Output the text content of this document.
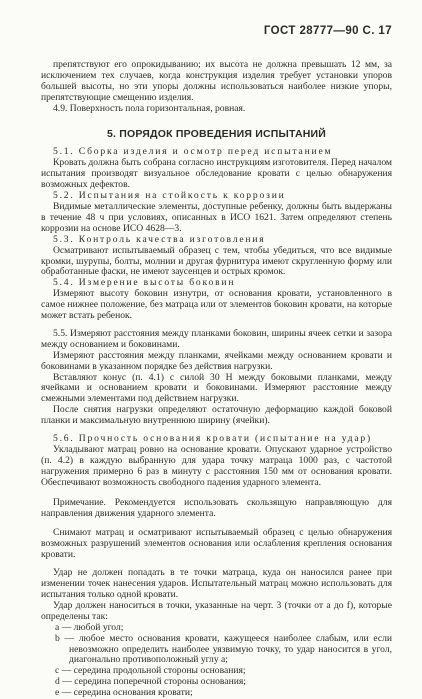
ГОСТ 28777—90 С. 17

препятствуют его опрокидыванию; их высота не должна превышать 12 мм, за исключением тех случаев, когда конструкция изделия требует установки упоров большей высоты, но эти упоры должны использоваться наиболее низкие упоры, препятствующие смещению изделия.

4.9. Поверхность пола горизонтальная, ровная.

5. ПОРЯДОК ПРОВЕДЕНИЯ ИСПЫТАНИЙ

5.1. Сборка изделия и осмотр перед испытанием

Кровать должна быть собрана согласно инструкциям изготовителя. Перед началом испытания производят визуальное обследование кровати с целью обнаружения возможных дефектов.

5.2. Испытания на стойкость к коррозии

Видимые металлические элементы, доступные ребенку, должны быть выдержаны в течение 48 ч при условиях, описанных в ИСО 1621. Затем определяют степень коррозии на основе ИСО 4628—3.

5.3. Контроль качества изготовления

Осматривают испытываемый образец с тем, чтобы убедиться, что все видимые кромки, шурупы, болты, молнии и другая фурнитура имеют скругленную форму или обработанные фаски, не имеют заусенцев и острых кромок.

5.4. Измерение высоты боковин

Измеряют высоту боковин изнутри, от основания кровати, установленного в самое нижнее положение, без матраца или от элементов боковин кровати, на которые может встать ребенок.

5.5. Измеряют расстояния между планками боковин, ширины ячеек сетки и зазора между основанием и боковинами.

Измеряют расстояния между планками, ячейками между основанием кровати и боковинами в указанном порядке без действия нагрузки.

Вставляют конус (п. 4.1) с силой 30 Н между боковыми планками, между ячейками и основанием кровати и боковинами. Измеряют расстояние между смежными элементами под действием нагрузки.

После снятия нагрузки определяют остаточную деформацию каждой боковой планки и максимальную внутреннюю ширину (ячейки).

5.6. Прочность основания кровати (испытание на удар)

Укладывают матрац ровно на основание кровати. Опускают ударное устройство (п. 4.2) в каждую выбранную для удара точку матраца 1000 раз, с частотой нагружения примерно 6 раз в минуту с расстояния 150 мм от основания кровати. Обеспечивают возможность свободного падения ударного элемента.

Примечание. Рекомендуется использовать скользящую направляющую для направления движения ударного элемента.

Снимают матрац и осматривают испытываемый образец с целью обнаружения возможных разрушений элементов основания или ослабления крепления основания кровати.

Удар не должен попадать в те точки матраца, куда он наносился ранее при изменении точек нанесения ударов. Испытательный матрац можно использовать для испытания только одной кровати.

Удар должен наноситься в точки, указанные на черт. 3 (точки от a до f), которые определены так:

a — любой угол;

b — любое место основания кровати, кажущееся наиболее слабым, или если невозможно определить наиболее уязвимую точку, то удар наносится в угол, диагонально противоположный углу a;

c — середина продольной стороны основания;

d — середина поперечной стороны основания;

e — середина основания кровати;
